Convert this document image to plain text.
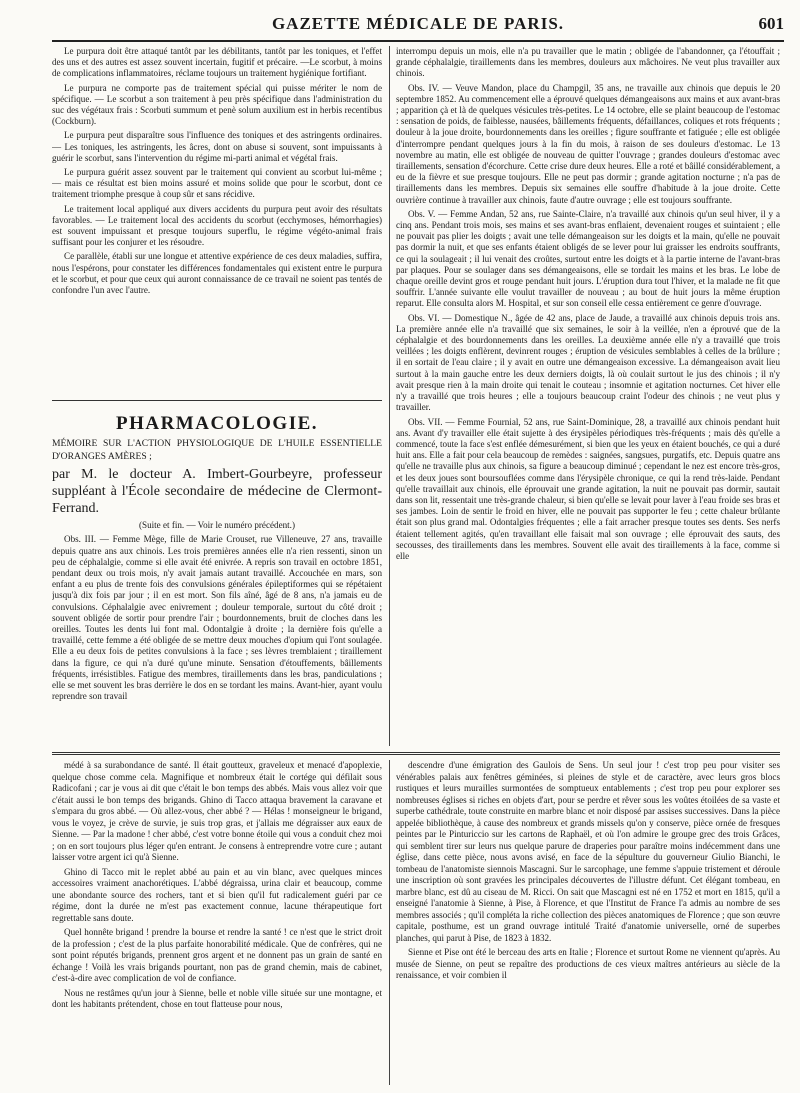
GAZETTE MÉDICALE DE PARIS.	601

Le purpura doit être attaqué tantôt par les débilitants, tantôt par les toniques, et l'effet des uns et des autres est assez souvent incertain, fugitif et précaire. —Le scorbut, à moins de complications inflammatoires, réclame toujours un traitement hygiénique fortifiant.

Le purpura ne comporte pas de traitement spécial qui puisse mériter le nom de spécifique. — Le scorbut a son traitement à peu près spécifique dans l'administration du suc des végétaux frais : Scorbuti summum et penè solum auxilium est in herbis recentibus (Cockburn).

Le purpura peut disparaître sous l'influence des toniques et des astringents ordinaires. — Les toniques, les astringents, les âcres, dont on abuse si souvent, sont impuissants à guérir le scorbut, sans l'intervention du régime mi-parti animal et végétal frais.

Le purpura guérit assez souvent par le traitement qui convient au scorbut lui-même ; — mais ce résultat est bien moins assuré et moins solide que pour le scorbut, dont ce traitement triomphe presque à coup sûr et sans récidive.

Le traitement local appliqué aux divers accidents du purpura peut avoir des résultats favorables. — Le traitement local des accidents du scorbut (ecchymoses, hémorrhagies) est souvent impuissant et presque toujours superflu, le régime végéto-animal frais suffisant pour les conjurer et les résoudre.

Ce parallèle, établi sur une longue et attentive expérience de ces deux maladies, suffira, nous l'espérons, pour constater les différences fondamentales qui existent entre le purpura et le scorbut, et pour que ceux qui auront connaissance de ce travail ne soient pas tentés de confondre l'un avec l'autre.

PHARMACOLOGIE.

MÉMOIRE SUR L'ACTION PHYSIOLOGIQUE DE L'HUILE ESSENTIELLE D'ORANGES AMÈRES ;

par M. le docteur A. Imbert-Gourbeyre, professeur suppléant à l'École secondaire de médecine de Clermont-Ferrand.

(Suite et fin. — Voir le numéro précédent.)

Obs. III. — Femme Mège, fille de Marie Crouset, rue Villeneuve, 27 ans, travaille depuis quatre ans aux chinois. Les trois premières années elle n'a rien ressenti, sinon un peu de céphalalgie, comme si elle avait été enivrée. A repris son travail en octobre 1851, pendant deux ou trois mois, n'y avait jamais autant travaillé. Accouchée en mars, son enfant a eu plus de trente fois des convulsions générales épileptiformes qui se répétaient jusqu'à dix fois par jour ; il en est mort. Son fils aîné, âgé de 8 ans, n'a jamais eu de convulsions. Céphalalgie avec enivrement ; douleur temporale, surtout du côté droit ; souvent obligée de sortir pour prendre l'air ; bourdonnements, bruit de cloches dans les oreilles. Toutes les dents lui font mal. Odontalgie à droite ; la dernière fois qu'elle a travaillé, cette femme a été obligée de se mettre deux mouches d'opium qui l'ont soulagée. Elle a eu deux fois de petites convulsions à la face ; ses lèvres tremblaient ; tiraillement dans la figure, ce qui n'a duré qu'une minute. Sensation d'étouffements, bâillements fréquents, irrésistibles. Fatigue des membres, tiraillements dans les bras, pandiculations ; elle se met souvent les bras derrière le dos en se tordant les mains. Avant-hier, ayant voulu reprendre son travail

interrompu depuis un mois, elle n'a pu travailler que le matin ; obligée de l'abandonner, ça l'étouffait ; grande céphalalgie, tiraillements dans les membres, douleurs aux mâchoires. Ne veut plus travailler aux chinois.

Obs. IV. — Veuve Mandon, place du Champgil, 35 ans, ne travaille aux chinois que depuis le 20 septembre 1852. Au commencement elle a éprouvé quelques démangeaisons aux mains et aux avant-bras ; apparition çà et là de quelques vésicules très-petites. Le 14 octobre, elle se plaint beaucoup de l'estomac : sensation de poids, de faiblesse, nausées, bâillements fréquents, défaillances, coliques et rots fréquents ; douleur à la joue droite, bourdonnements dans les oreilles ; figure souffrante et fatiguée ; elle est obligée d'interrompre pendant quelques jours à la fin du mois, à raison de ses douleurs d'estomac. Le 13 novembre au matin, elle est obligée de nouveau de quitter l'ouvrage ; grandes douleurs d'estomac avec tiraillements, sensation d'écorchure. Cette crise dure deux heures. Elle a roté et bâillé considérablement, a eu de la fièvre et sue presque toujours. Elle ne peut pas dormir ; grande agitation nocturne ; n'a pas de tiraillements dans les membres. Depuis six semaines elle souffre d'habitude à la joue droite. Cette ouvrière continue à travailler aux chinois, faute d'autre ouvrage ; elle est toujours souffrante.

Obs. V. — Femme Andan, 52 ans, rue Sainte-Claire, n'a travaillé aux chinois qu'un seul hiver, il y a cinq ans. Pendant trois mois, ses mains et ses avant-bras enflaient, devenaient rouges et suintaient ; elle ne pouvait pas plier les doigts ; avait une telle démangeaison sur les doigts et la main, qu'elle ne pouvait pas dormir la nuit, et que ses enfants étaient obligés de se lever pour lui graisser les endroits souffrants, ce qui la soulageait ; il lui venait des croûtes, surtout entre les doigts et à la partie interne de l'avant-bras par plaques. Pour se soulager dans ses démangeaisons, elle se tordait les mains et les bras. Le lobe de chaque oreille devint gros et rouge pendant huit jours. L'éruption dura tout l'hiver, et la malade ne fit que souffrir. L'année suivante elle voulut travailler de nouveau ; au bout de huit jours la même éruption reparut. Elle consulta alors M. Hospital, et sur son conseil elle cessa entièrement ce genre d'ouvrage.

Obs. VI. — Domestique N., âgée de 42 ans, place de Jaude, a travaillé aux chinois depuis trois ans. La première année elle n'a travaillé que six semaines, le soir à la veillée, n'en a éprouvé que de la céphalalgie et des bourdonnements dans les oreilles. La deuxième année elle n'y a travaillé que trois veillées ; les doigts enflèrent, devinrent rouges ; éruption de vésicules semblables à celles de la brûlure ; il en sortait de l'eau claire ; il y avait en outre une démangeaison excessive. La démangeaison avait lieu surtout à la main gauche entre les deux derniers doigts, là où coulait surtout le jus des chinois ; il n'y avait presque rien à la main droite qui tenait le couteau ; insomnie et agitation nocturnes. Cet hiver elle n'y a travaillé que trois heures ; elle a toujours beaucoup craint l'odeur des chinois ; ne veut plus y travailler.

Obs. VII. — Femme Fournial, 52 ans, rue Saint-Dominique, 28, a travaillé aux chinois pendant huit ans. Avant d'y travailler elle était sujette à des érysipèles périodiques très-fréquents ; mais dès qu'elle a commencé, toute la face s'est enflée démesurément, si bien que les yeux en étaient bouchés, ce qui a duré huit ans. Elle a fait pour cela beaucoup de remèdes : saignées, sangsues, purgatifs, etc. Depuis quatre ans qu'elle ne travaille plus aux chinois, sa figure a beaucoup diminué ; cependant le nez est encore très-gros, et les deux joues sont boursouflées comme dans l'érysipèle chronique, ce qui la rend très-laide. Pendant qu'elle travaillait aux chinois, elle éprouvait une grande agitation, la nuit ne pouvait pas dormir, sautait dans son lit, ressentait une très-grande chaleur, si bien qu'elle se levait pour laver à l'eau froide ses bras et ses jambes. Loin de sentir le froid en hiver, elle ne pouvait pas supporter le feu ; cette chaleur brûlante était son plus grand mal. Odontalgies fréquentes ; elle a fait arracher presque toutes ses dents. Ses nerfs étaient tellement agités, qu'en travaillant elle faisait mal son ouvrage ; elle éprouvait des sauts, des secousses, des tiraillements dans les membres. Souvent elle avait des tiraillements à la face, comme si elle

médé à sa surabondance de santé. Il était goutteux, graveleux et menacé d'apoplexie, quelque chose comme cela. Magnifique et nombreux était le cortége qui défilait sous Radicofani ; car je vous ai dit que c'était le bon temps des abbés. Mais vous allez voir que c'était aussi le bon temps des brigands. Ghino di Tacco attaqua bravement la caravane et s'empara du gros abbé. — Où allez-vous, cher abbé ? — Hélas ! monseigneur le brigand, vous le voyez, je crève de survie, je suis trop gras, et j'allais me dégraisser aux eaux de Sienne. — Par la madone ! cher abbé, c'est votre bonne étoile qui vous a conduit chez moi ; on en sort toujours plus léger qu'en entrant. Je consens à entreprendre votre cure ; autant laisser votre argent ici qu'à Sienne.

Ghino di Tacco mit le replet abbé au pain et au vin blanc, avec quelques minces accessoires vraiment anachorétiques. L'abbé dégraissa, urina clair et beaucoup, comme une abondante source des rochers, tant et si bien qu'il fut radicalement guéri par ce régime, dont la durée ne m'est pas exactement connue, lacune thérapeutique fort regrettable sans doute.

Quel honnête brigand ! prendre la bourse et rendre la santé ! ce n'est que le strict droit de la profession ; c'est de la plus parfaite honorabilité médicale. Que de confrères, qui ne sont point réputés brigands, prennent gros argent et ne donnent pas un grain de santé en échange ! Voilà les vrais brigands pourtant, non pas de grand chemin, mais de cabinet, c'est-à-dire avec complication de vol de confiance.

Nous ne restâmes qu'un jour à Sienne, belle et noble ville située sur une montagne, et dont les habitants prétendent, chose en tout flatteuse pour nous,

descendre d'une émigration des Gaulois de Sens. Un seul jour ! c'est trop peu pour visiter ses vénérables palais aux fenêtres géminées, si pleines de style et de caractère, avec leurs gros blocs rustiques et leurs murailles surmontées de somptueux entablements ; c'est trop peu pour explorer ses nombreuses églises si riches en objets d'art, pour se perdre et rêver sous les voûtes étoilées de sa vaste et superbe cathédrale, toute construite en marbre blanc et noir disposé par assises successives. Dans la pièce appelée bibliothèque, à cause des nombreux et grands missels qu'on y conserve, pièce ornée de fresques peintes par le Pinturiccio sur les cartons de Raphaël, et où l'on admire le groupe grec des trois Grâces, qui semblent tirer sur leurs nus quelque parure de draperies pour paraître moins indécemment dans une église, dans cette pièce, nous avons avisé, en face de la sépulture du gouverneur Giulio Bianchi, le tombeau de l'anatomiste siennois Mascagni. Sur le sarcophage, une femme s'appuie tristement et déroule une inscription où sont gravées les principales découvertes de l'illustre défunt. Cet élégant tombeau, en marbre blanc, est dû au ciseau de M. Ricci. On sait que Mascagni est né en 1752 et mort en 1815, qu'il a enseigné l'anatomie à Sienne, à Pise, à Florence, et que l'Institut de France l'a admis au nombre de ses membres associés ; qu'il compléta la riche collection des pièces anatomiques de Florence ; que son œuvre capitale, posthume, est un grand ouvrage intitulé Traité d'anatomie universelle, orné de superbes planches, qui parut à Pise, de 1823 à 1832.

Sienne et Pise ont été le berceau des arts en Italie ; Florence et surtout Rome ne viennent qu'après. Au musée de Sienne, on peut se repaître des productions de ces vieux maîtres antérieurs au siècle de la renaissance, et voir combien il
